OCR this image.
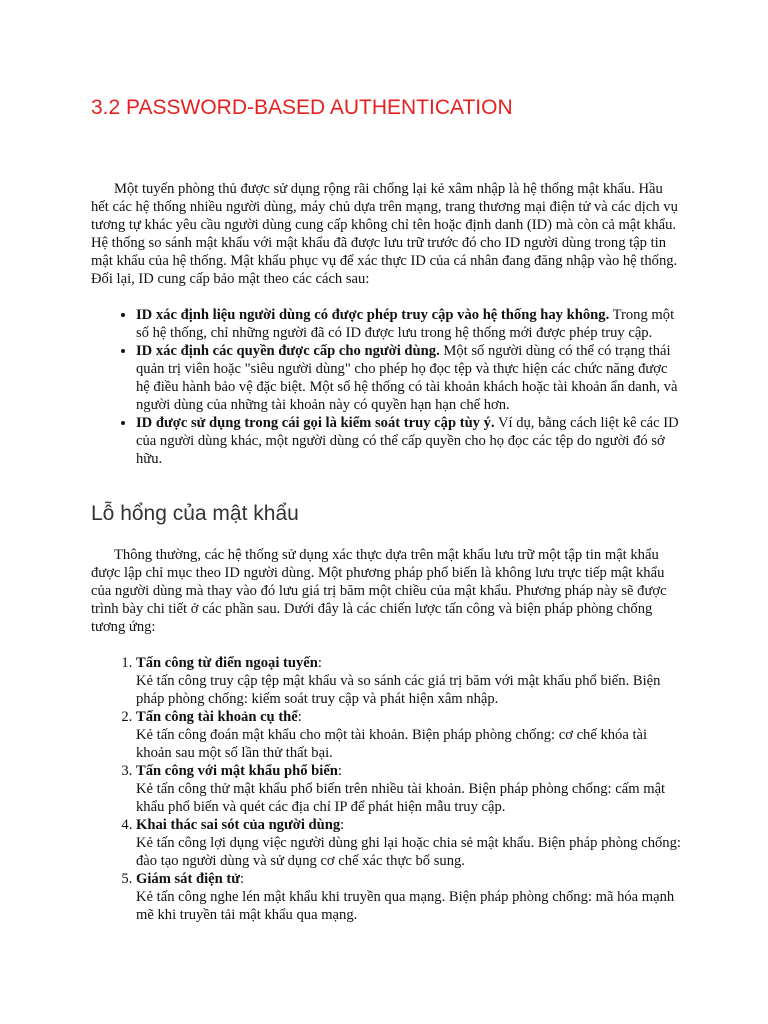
3.2 PASSWORD-BASED AUTHENTICATION

Một tuyến phòng thủ được sử dụng rộng rãi chống lại kẻ xâm nhập là hệ thống mật khẩu. Hầu hết các hệ thống nhiều người dùng, máy chủ dựa trên mạng, trang thương mại điện tử và các dịch vụ tương tự khác yêu cầu người dùng cung cấp không chỉ tên hoặc định danh (ID) mà còn cả mật khẩu. Hệ thống so sánh mật khẩu với mật khẩu đã được lưu trữ trước đó cho ID người dùng trong tập tin mật khẩu của hệ thống. Mật khẩu phục vụ để xác thực ID của cá nhân đang đăng nhập vào hệ thống. Đối lại, ID cung cấp bảo mật theo các cách sau:

• ID xác định liệu người dùng có được phép truy cập vào hệ thống hay không. Trong một số hệ thống, chỉ những người đã có ID được lưu trong hệ thống mới được phép truy cập.
• ID xác định các quyền được cấp cho người dùng. Một số người dùng có thể có trạng thái quản trị viên hoặc "siêu người dùng" cho phép họ đọc tệp và thực hiện các chức năng được hệ điều hành bảo vệ đặc biệt. Một số hệ thống có tài khoản khách hoặc tài khoản ẩn danh, và người dùng của những tài khoản này có quyền hạn hạn chế hơn.
• ID được sử dụng trong cái gọi là kiểm soát truy cập tùy ý. Ví dụ, bằng cách liệt kê các ID của người dùng khác, một người dùng có thể cấp quyền cho họ đọc các tệp do người đó sở hữu.
Lỗ hổng của mật khẩu

Thông thường, các hệ thống sử dụng xác thực dựa trên mật khẩu lưu trữ một tập tin mật khẩu được lập chỉ mục theo ID người dùng. Một phương pháp phổ biến là không lưu trực tiếp mật khẩu của người dùng mà thay vào đó lưu giá trị băm một chiều của mật khẩu. Phương pháp này sẽ được trình bày chi tiết ở các phần sau. Dưới đây là các chiến lược tấn công và biện pháp phòng chống tương ứng:

1. Tấn công từ điển ngoại tuyến:
Kẻ tấn công truy cập tệp mật khẩu và so sánh các giá trị băm với mật khẩu phổ biến. Biện pháp phòng chống: kiểm soát truy cập và phát hiện xâm nhập.
2. Tấn công tài khoản cụ thể:
Kẻ tấn công đoán mật khẩu cho một tài khoản. Biện pháp phòng chống: cơ chế khóa tài khoản sau một số lần thử thất bại.
3. Tấn công với mật khẩu phổ biến:
Kẻ tấn công thử mật khẩu phổ biến trên nhiều tài khoản. Biện pháp phòng chống: cấm mật khẩu phổ biến và quét các địa chỉ IP để phát hiện mẫu truy cập.
4. Khai thác sai sót của người dùng:
Kẻ tấn công lợi dụng việc người dùng ghi lại hoặc chia sẻ mật khẩu. Biện pháp phòng chống: đào tạo người dùng và sử dụng cơ chế xác thực bổ sung.
5. Giám sát điện tử:
Kẻ tấn công nghe lén mật khẩu khi truyền qua mạng. Biện pháp phòng chống: mã hóa mạnh mẽ khi truyền tải mật khẩu qua mạng.
